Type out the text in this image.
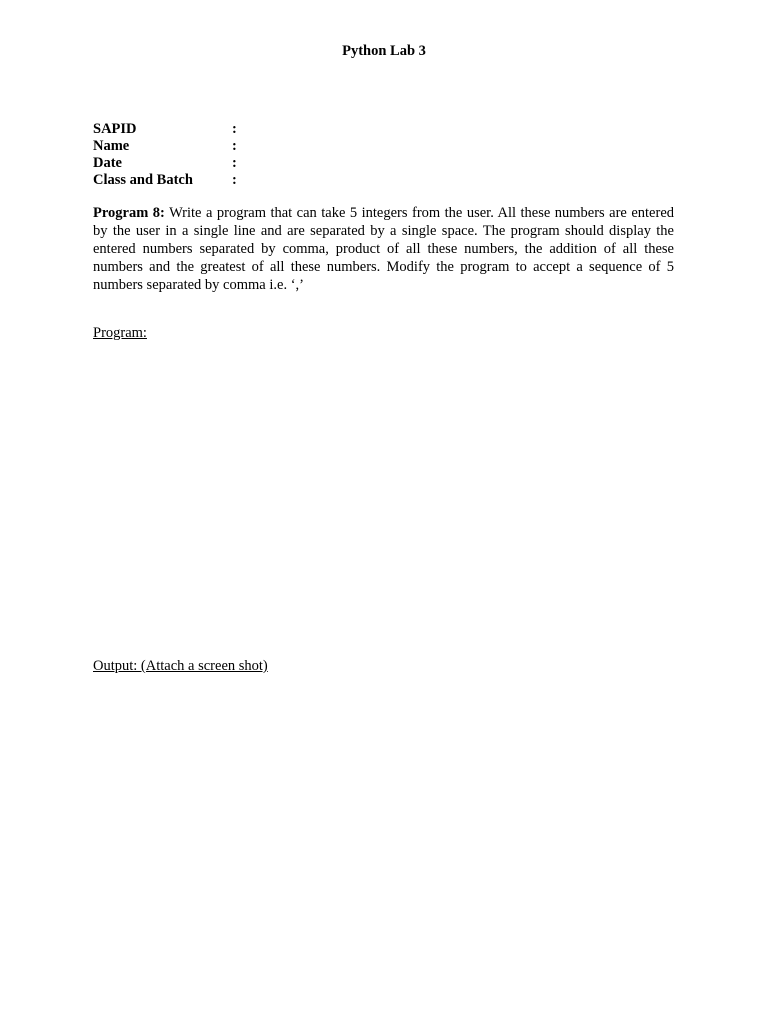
Python Lab 3
SAPID	:
Name	:
Date	:
Class and Batch	:
Program 8: Write a program that can take 5 integers from the user. All these numbers are entered by the user in a single line and are separated by a single space. The program should display the entered numbers separated by comma, product of all these numbers, the addition of all these numbers and the greatest of all these numbers. Modify the program to accept a sequence of 5 numbers separated by comma i.e. ‘,’
Program:
Output: (Attach a screen shot)
